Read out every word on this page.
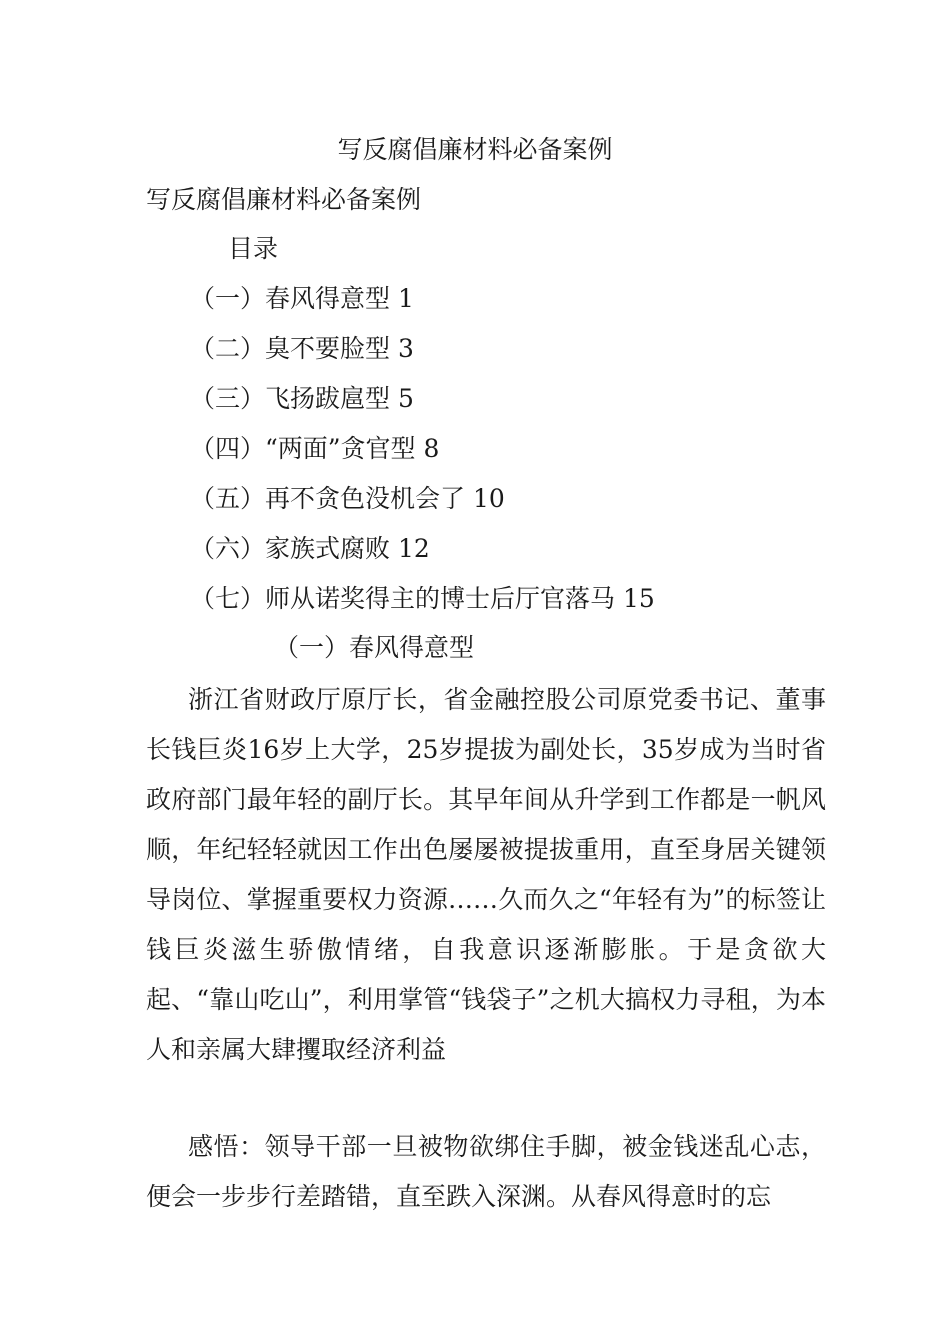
写反腐倡廉材料必备案例
写反腐倡廉材料必备案例
目录
（一）春风得意型 1
（二）臭不要脸型 3
（三）飞扬跋扈型 5
（四）“两面”贪官型 8
（五）再不贪色没机会了 10
（六）家族式腐败 12
（七）师从诺奖得主的博士后厅官落马 15
（一）春风得意型
浙江省财政厅原厅长，省金融控股公司原党委书记、董事长钱巨炎16岁上大学，25岁提拔为副处长，35岁成为当时省政府部门最年轻的副厅长。其早年间从升学到工作都是一帆风顺，年纪轻轻就因工作出色屡屡被提拔重用，直至身居关键领导岗位、掌握重要权力资源……久而久之“年轻有为”的标签让钱巨炎滋生骄傲情绪，自我意识逐渐膨胀。于是贪欲大起、“靠山吃山”，利用掌管“钱袋子”之机大搞权力寻租，为本人和亲属大肆攫取经济利益
感悟：领导干部一旦被物欲绑住手脚，被金钱迷乱心志，便会一步步行差踏错，直至跌入深渊。从春风得意时的忘
